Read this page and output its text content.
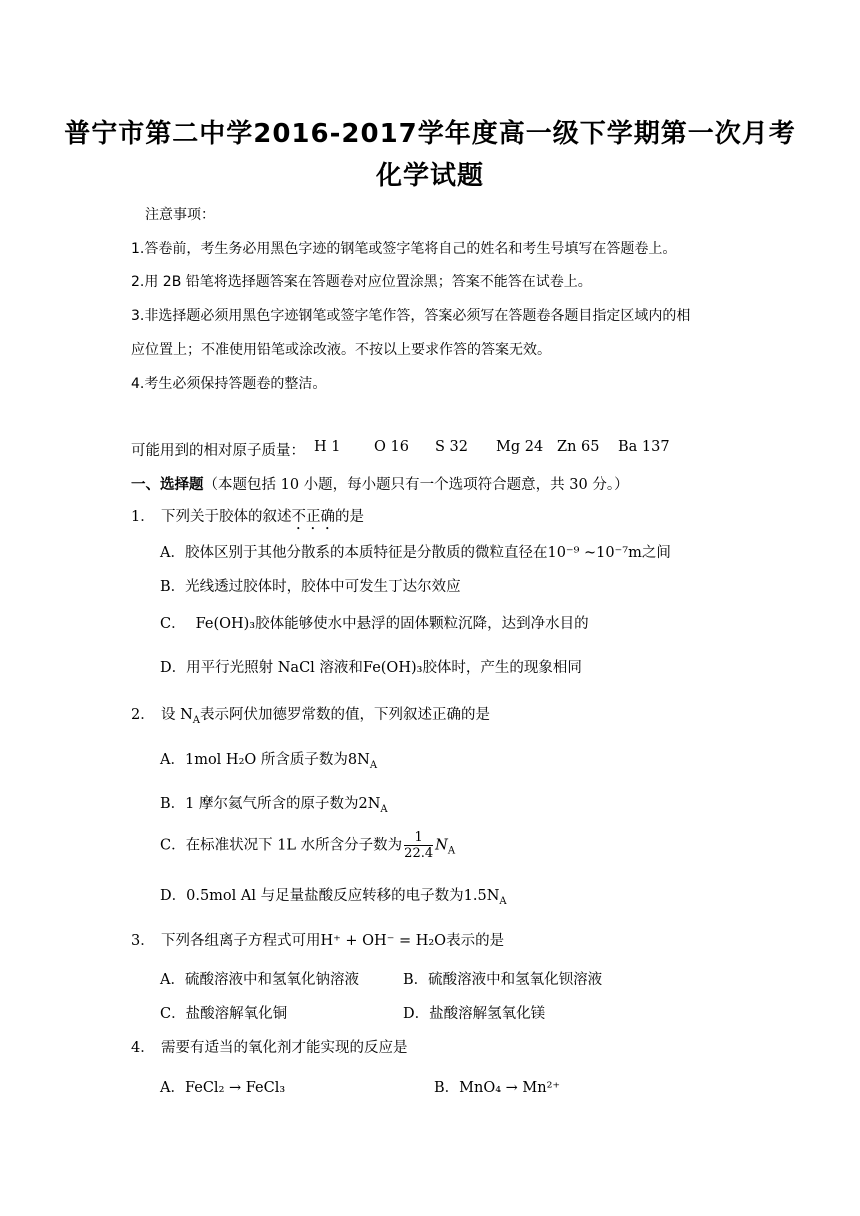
普宁市第二中学2016-2017学年度高一级下学期第一次月考
化学试题
注意事项：
1.答卷前，考生务必用黑色字迹的钢笔或签字笔将自己的姓名和考生号填写在答题卷上。
2.用 2B 铅笔将选择题答案在答题卷对应位置涂黑；答案不能答在试卷上。
3.非选择题必须用黑色字迹钢笔或签字笔作答，答案必须写在答题卷各题目指定区域内的相
应位置上；不准使用铅笔或涂改液。不按以上要求作答的答案无效。
4.考生必须保持答题卷的整洁。
可能用到的相对原子质量： H 1 O 16 S 32 Mg 24 Zn 65 Ba 137
一、选择题（本题包括 10 小题，每小题只有一个选项符合题意，共 30 分。）
1． 下列关于胶体的叙述不正确的是
A．胶体区别于其他分散系的本质特征是分散质的微粒直径在10⁻⁹ ~10⁻⁷m之间
B．光线透过胶体时，胶体中可发生丁达尔效应
C． Fe(OH)₃胶体能够使水中悬浮的固体颗粒沉降，达到净水目的
D．用平行光照射 NaCl 溶液和Fe(OH)₃胶体时，产生的现象相同
2． 设 $N_A$表示阿伏加德罗常数的值，下列叙述正确的是
A．1mol H₂O 所含质子数为$8N_A$
B．1 摩尔氦气所含的原子数为$2N_A$
C．在标准状况下 1L 水所含分子数为 $\frac{1}{22.4} N_A$
D．0.5mol Al 与足量盐酸反应转移的电子数为$1.5N_A$
3． 下列各组离子方程式可用H⁺ + OH⁻ = H₂O表示的是
A．硫酸溶液中和氢氧化钠溶液	B．硫酸溶液中和氢氧化钡溶液
C．盐酸溶解氧化铜	D．盐酸溶解氢氧化镁
4． 需要有适当的氧化剂才能实现的反应是
A．FeCl₂ → FeCl₃	B．MnO₄ → Mn²⁺
